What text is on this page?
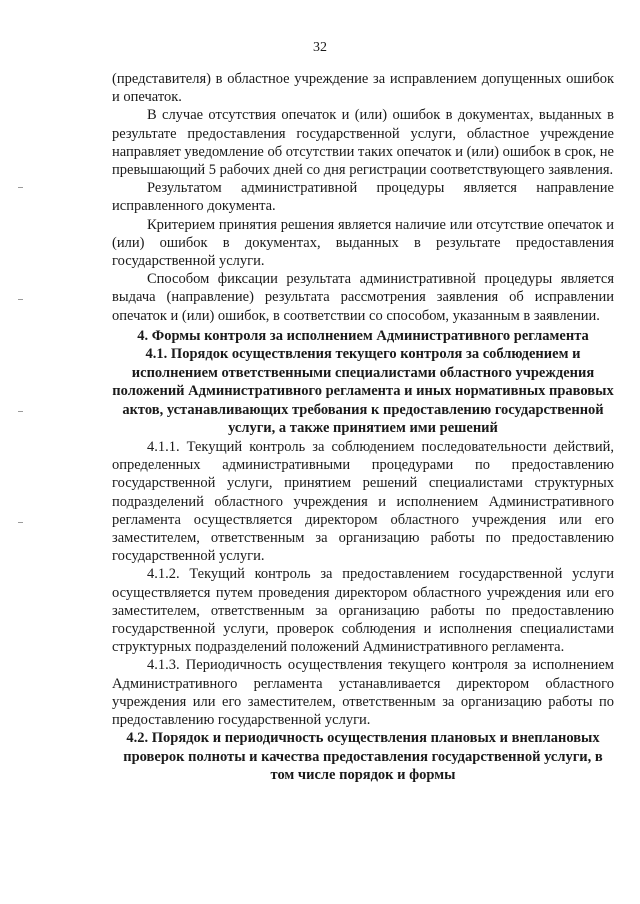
32

(представителя) в областное учреждение за исправлением допущенных ошибок и опечаток.

В случае отсутствия опечаток и (или) ошибок в документах, выданных в результате предоставления государственной услуги, областное учреждение направляет уведомление об отсутствии таких опечаток и (или) ошибок в срок, не превышающий 5 рабочих дней со дня регистрации соответствующего заявления.

Результатом административной процедуры является направление исправленного документа.

Критерием принятия решения является наличие или отсутствие опечаток и (или) ошибок в документах, выданных в результате предоставления государственной услуги.

Способом фиксации результата административной процедуры является выдача (направление) результата рассмотрения заявления об исправлении опечаток и (или) ошибок, в соответствии со способом, указанным в заявлении.

4. Формы контроля за исполнением Административного регламента
4.1. Порядок осуществления текущего контроля за соблюдением и исполнением ответственными специалистами областного учреждения положений Административного регламента и иных нормативных правовых актов, устанавливающих требования к предоставлению государственной услуги, а также принятием ими решений

4.1.1. Текущий контроль за соблюдением последовательности действий, определенных административными процедурами по предоставлению государственной услуги, принятием решений специалистами структурных подразделений областного учреждения и исполнением Административного регламента осуществляется директором областного учреждения или его заместителем, ответственным за организацию работы по предоставлению государственной услуги.

4.1.2. Текущий контроль за предоставлением государственной услуги осуществляется путем проведения директором областного учреждения или его заместителем, ответственным за организацию работы по предоставлению государственной услуги, проверок соблюдения и исполнения специалистами структурных подразделений положений Административного регламента.

4.1.3. Периодичность осуществления текущего контроля за исполнением Административного регламента устанавливается директором областного учреждения или его заместителем, ответственным за организацию работы по предоставлению государственной услуги.

4.2. Порядок и периодичность осуществления плановых и внеплановых проверок полноты и качества предоставления государственной услуги, в том числе порядок и формы
